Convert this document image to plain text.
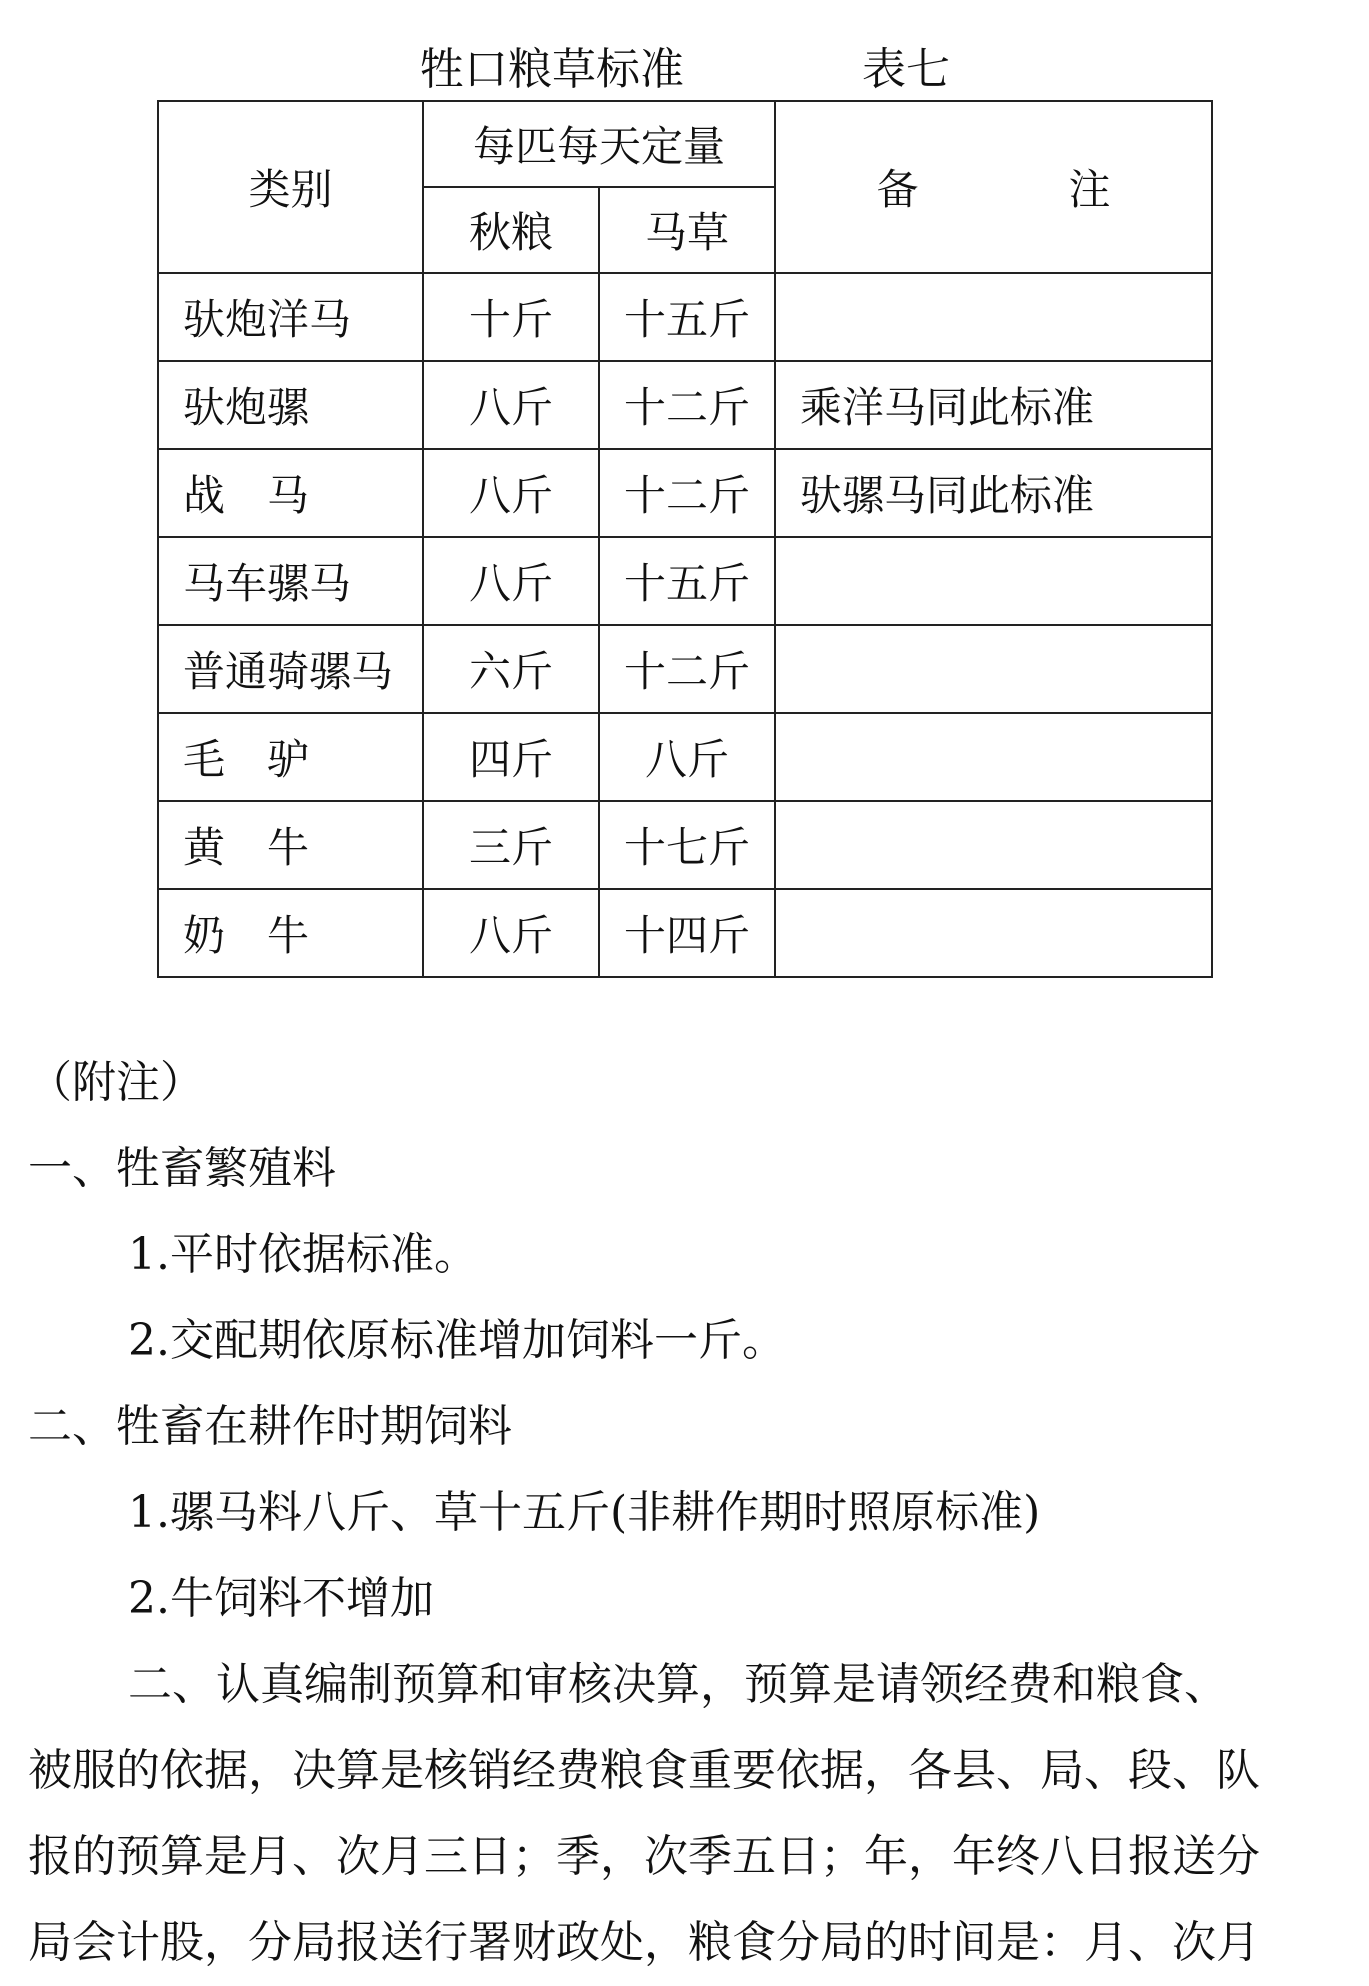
牲口粮草标准	表七
类别	每匹每天定量		备 注
	秋粮	马草	
驮炮洋马	十斤	十五斤	
驮炮骡	八斤	十二斤	乘洋马同此标准
战　马	八斤	十二斤	驮骡马同此标准
马车骡马	八斤	十五斤	
普通骑骡马	六斤	十二斤	
毛　驴	四斤	八斤	
黄　牛	三斤	十七斤	
奶　牛	八斤	十四斤	
（附注）
一、牲畜繁殖料
1.平时依据标准。
2.交配期依原标准增加饲料一斤。
二、牲畜在耕作时期饲料
1.骡马料八斤、草十五斤(非耕作期时照原标准)
2.牛饲料不增加
二、认真编制预算和审核决算，预算是请领经费和粮食、
被服的依据，决算是核销经费粮食重要依据，各县、局、段、队
报的预算是月、次月三日；季，次季五日；年，年终八日报送分
局会计股，分局报送行署财政处，粮食分局的时间是：月、次月
